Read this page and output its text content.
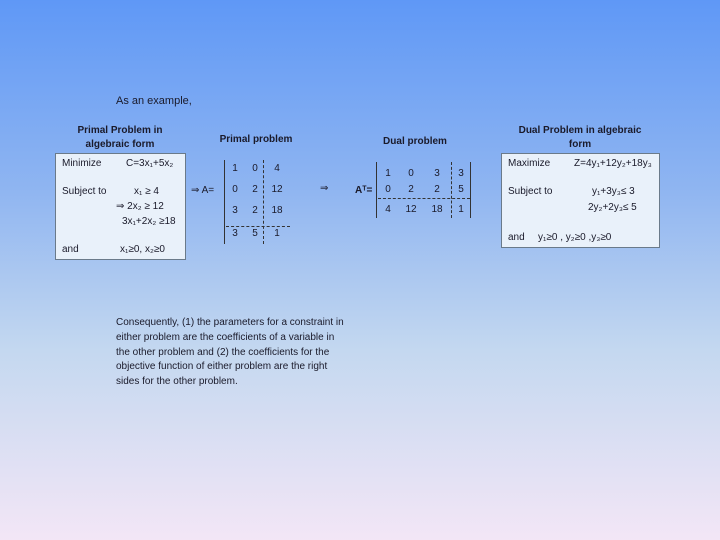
As an example,
Primal Problem in
algebraic form
Minimize C=3x₁+5x₂
Subject to	x₁ ≥ 4
⇒ 2x₂ ≥ 12
3x₁+2x₂ ≥18
and	x₁≥0, x₂≥0
Primal problem
⇒ A=
1	0	4
0	2	12
3	2	18
3	5	1
Dual problem
⇒	Aᵀ=
1	0	3	3
0	2	2	5
4	12	18	1
Dual Problem in algebraic
form
Maximize Z=4y₁+12y₂+18y₃
Subject to	y₁+3y₃≤ 3
2y₂+2y₃≤ 5
and y₁≥0 , y₂≥0 ,y₃≥0
Consequently, (1) the parameters for a constraint in either problem are the coefficients of a variable in the other problem and (2) the coefficients for the objective function of either problem are the right sides for the other problem.
